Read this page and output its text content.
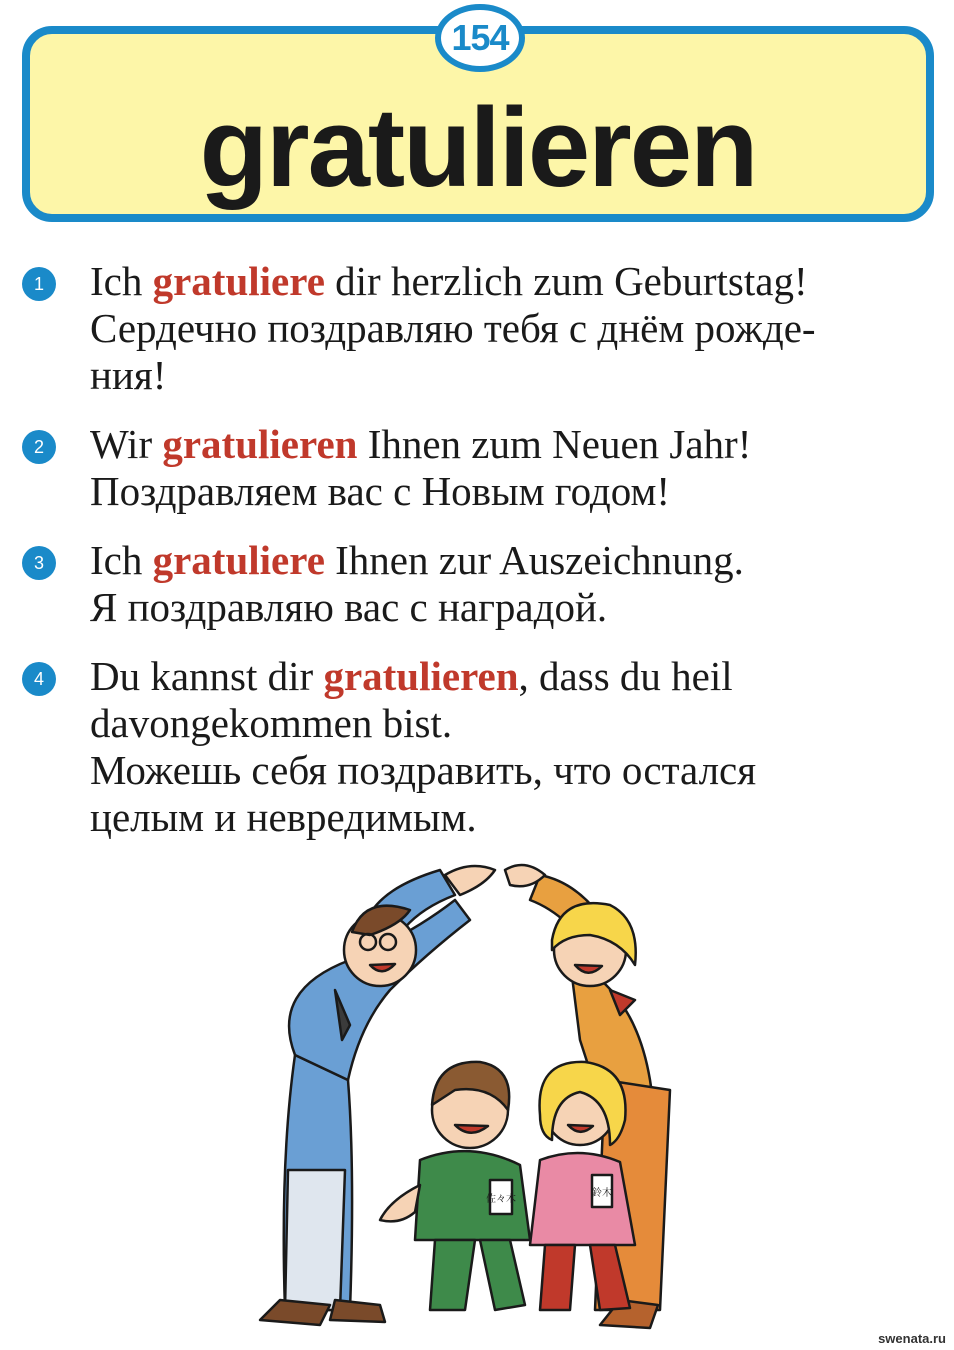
gratulieren
154
1 Ich gratuliere dir herzlich zum Geburtstag!
Сердечно поздравляю тебя с днём рожде-
ния!
2 Wir gratulieren Ihnen zum Neuen Jahr!
Поздравляем вас с Новым годом!
3 Ich gratuliere Ihnen zur Auszeichnung.
Я поздравляю вас с наградой.
4 Du kannst dir gratulieren, dass du heil
davongekommen bist.
Можешь себя поздравить, что остался
целым и невредимым.
佐々木
鈴木
swenata.ru
